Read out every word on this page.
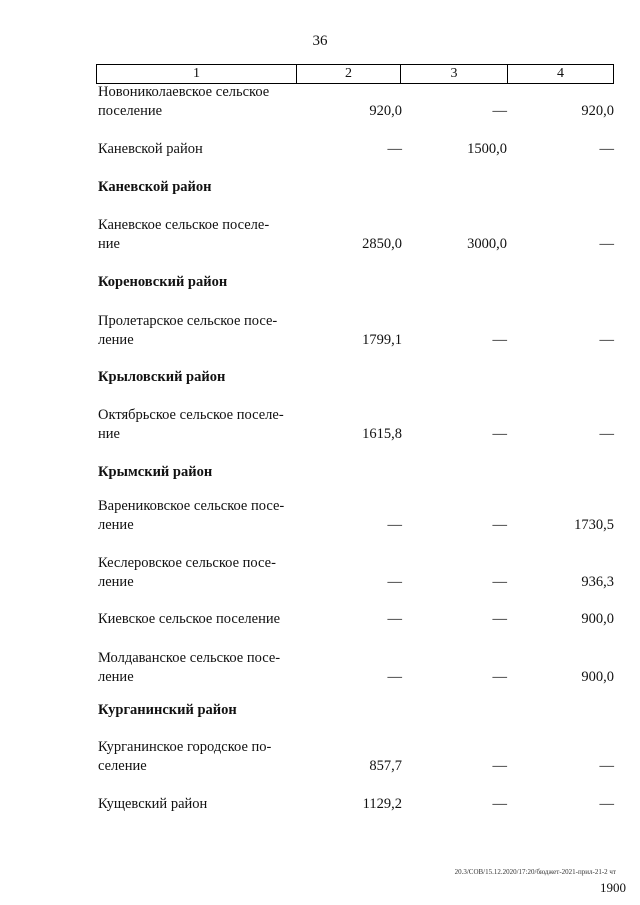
36
1	2	3	4
Новониколаевское сельское
поселение	920,0	—	920,0
Каневской район	—	1500,0	—
Каневской район
Каневское сельское поселе-
ние	2850,0	3000,0	—
Кореновский район
Пролетарское сельское посе-
ление	1799,1	—	—
Крыловский район
Октябрьское сельское поселе-
ние	1615,8	—	—
Крымский район
Варениковское сельское посе-
ление	—	—	1730,5
Кеслеровское сельское посе-
ление	—	—	936,3
Киевское сельское поселение	—	—	900,0
Молдаванское сельское посе-
ление	—	—	900,0
Курганинский район
Курганинское городское по-
селение	857,7	—	—
Кущевский район	1129,2	—	—
20.3/СОВ/15.12.2020/17:20/бюджет-2021-прил-21-2 чт
1900
